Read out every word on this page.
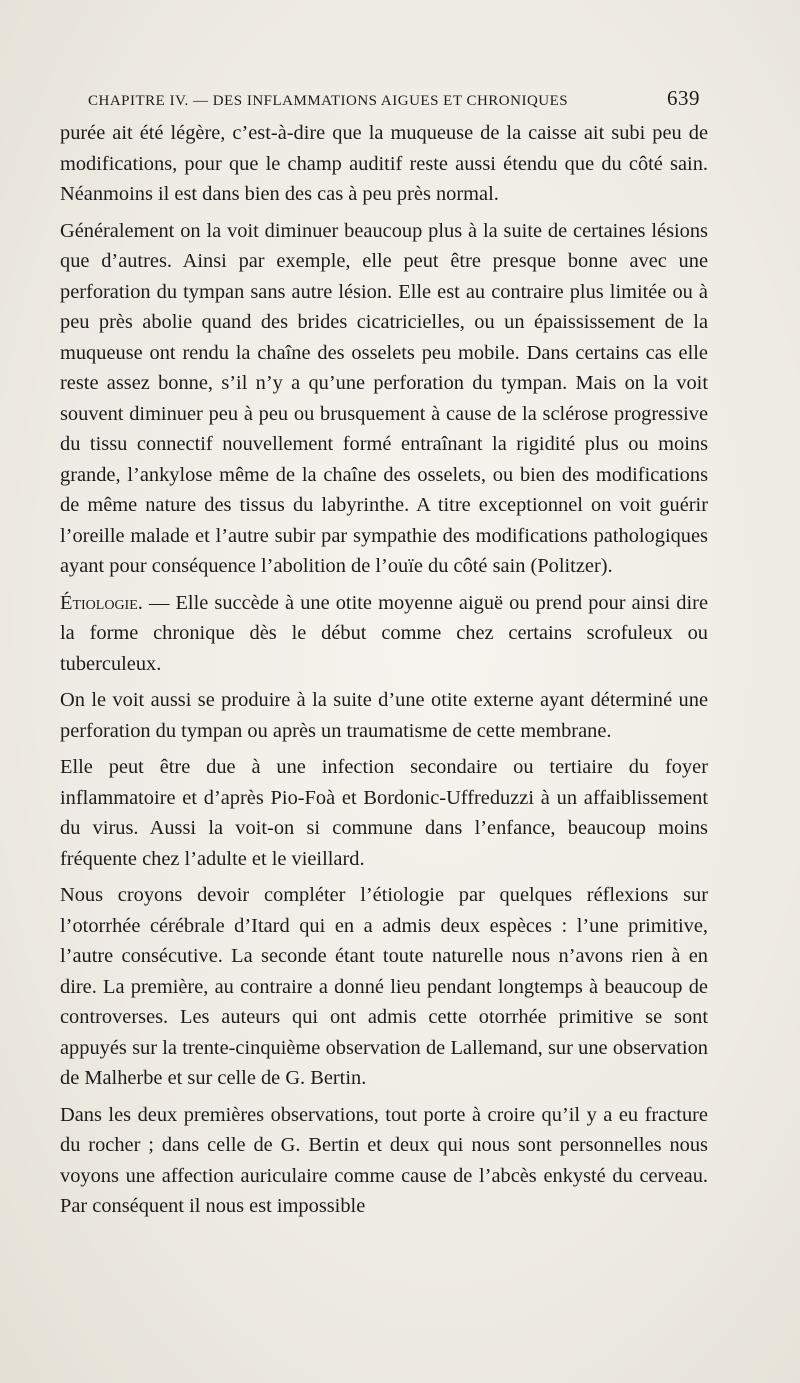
CHAPITRE IV. — DES INFLAMMATIONS AIGUES ET CHRONIQUES	639

purée ait été légère, c’est-à-dire que la muqueuse de la caisse ait subi peu de modifications, pour que le champ auditif reste aussi étendu que du côté sain. Néanmoins il est dans bien des cas à peu près normal.

Généralement on la voit diminuer beaucoup plus à la suite de certaines lésions que d’autres. Ainsi par exemple, elle peut être presque bonne avec une perforation du tympan sans autre lésion. Elle est au contraire plus limitée ou à peu près abolie quand des brides cicatricielles, ou un épaississement de la muqueuse ont rendu la chaîne des osselets peu mobile. Dans certains cas elle reste assez bonne, s’il n’y a qu’une perforation du tympan. Mais on la voit souvent diminuer peu à peu ou brusquement à cause de la sclérose progressive du tissu connectif nouvellement formé entraînant la rigidité plus ou moins grande, l’ankylose même de la chaîne des osselets, ou bien des modifications de même nature des tissus du labyrinthe. A titre exceptionnel on voit guérir l’oreille malade et l’autre subir par sympathie des modifications pathologiques ayant pour conséquence l’abolition de l’ouïe du côté sain (Politzer).

Étiologie. — Elle succède à une otite moyenne aiguë ou prend pour ainsi dire la forme chronique dès le début comme chez certains scrofuleux ou tuberculeux.

On le voit aussi se produire à la suite d’une otite externe ayant déterminé une perforation du tympan ou après un traumatisme de cette membrane.

Elle peut être due à une infection secondaire ou tertiaire du foyer inflammatoire et d’après Pio-Foà et Bordonic-Uffreduzzi à un affaiblissement du virus. Aussi la voit-on si commune dans l’enfance, beaucoup moins fréquente chez l’adulte et le vieillard.

Nous croyons devoir compléter l’étiologie par quelques réflexions sur l’otorrhée cérébrale d’Itard qui en a admis deux espèces : l’une primitive, l’autre consécutive. La seconde étant toute naturelle nous n’avons rien à en dire. La première, au contraire a donné lieu pendant longtemps à beaucoup de controverses. Les auteurs qui ont admis cette otorrhée primitive se sont appuyés sur la trente-cinquième observation de Lallemand, sur une observation de Malherbe et sur celle de G. Bertin.

Dans les deux premières observations, tout porte à croire qu’il y a eu fracture du rocher ; dans celle de G. Bertin et deux qui nous sont personnelles nous voyons une affection auriculaire comme cause de l’abcès enkysté du cerveau. Par conséquent il nous est impossible
